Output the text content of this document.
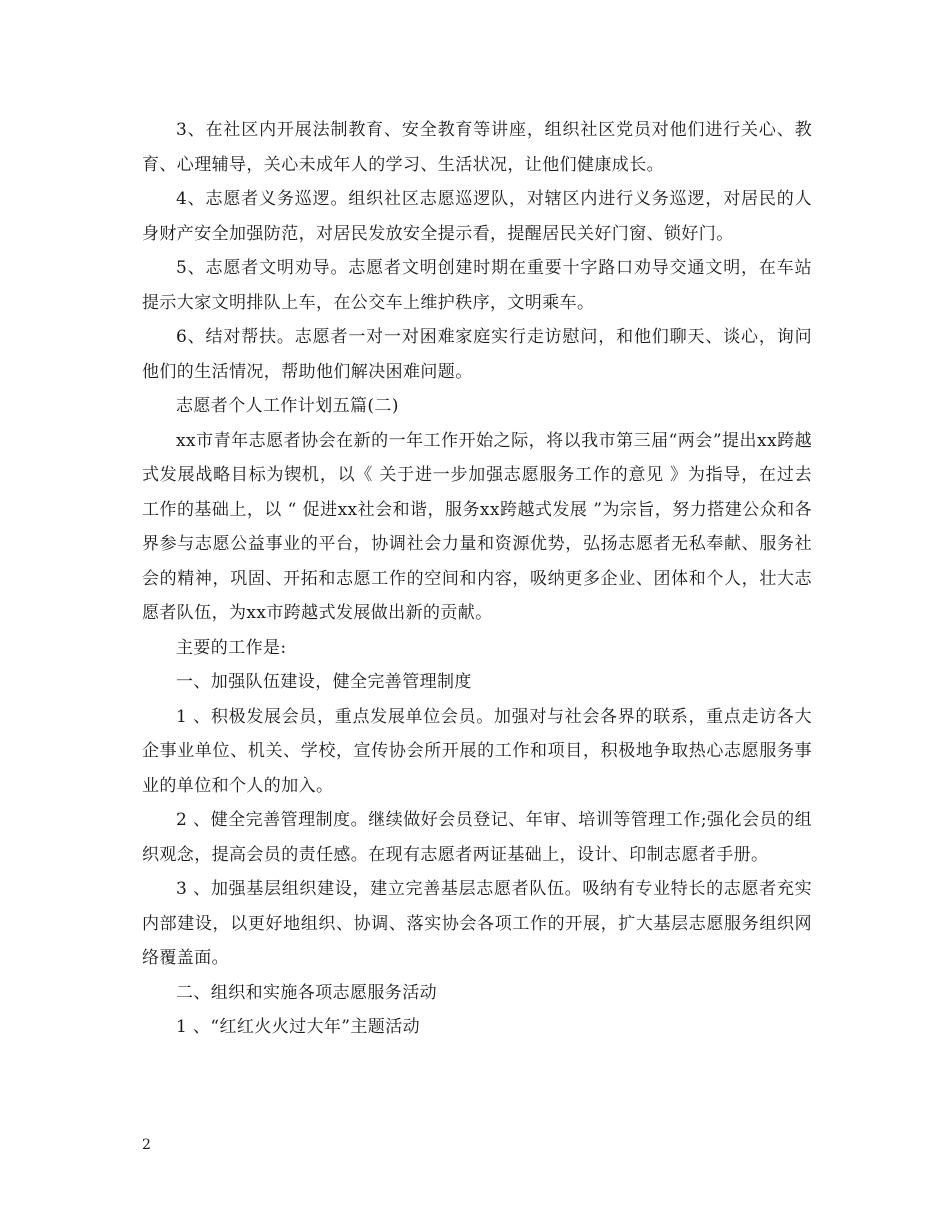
3、在社区内开展法制教育、安全教育等讲座，组织社区党员对他们进行关心、教育、心理辅导，关心未成年人的学习、生活状况，让他们健康成长。

4、志愿者义务巡逻。组织社区志愿巡逻队，对辖区内进行义务巡逻，对居民的人身财产安全加强防范，对居民发放安全提示看，提醒居民关好门窗、锁好门。

5、志愿者文明劝导。志愿者文明创建时期在重要十字路口劝导交通文明，在车站提示大家文明排队上车，在公交车上维护秩序，文明乘车。

6、结对帮扶。志愿者一对一对困难家庭实行走访慰问，和他们聊天、谈心，询问他们的生活情况，帮助他们解决困难问题。

志愿者个人工作计划五篇(二)

xx市青年志愿者协会在新的一年工作开始之际，将以我市第三届“两会”提出xx跨越式发展战略目标为锲机，以《 关于进一步加强志愿服务工作的意见 》为指导，在过去工作的基础上，以 “ 促进xx社会和谐，服务xx跨越式发展 ”为宗旨，努力搭建公众和各界参与志愿公益事业的平台，协调社会力量和资源优势，弘扬志愿者无私奉献、服务社会的精神，巩固、开拓和志愿工作的空间和内容，吸纳更多企业、团体和个人，壮大志愿者队伍，为xx市跨越式发展做出新的贡献。

主要的工作是:

一、加强队伍建设，健全完善管理制度

1 、积极发展会员，重点发展单位会员。加强对与社会各界的联系，重点走访各大企事业单位、机关、学校，宣传协会所开展的工作和项目，积极地争取热心志愿服务事业的单位和个人的加入。

2 、健全完善管理制度。继续做好会员登记、年审、培训等管理工作;强化会员的组织观念，提高会员的责任感。在现有志愿者两证基础上，设计、印制志愿者手册。

3 、加强基层组织建设，建立完善基层志愿者队伍。吸纳有专业特长的志愿者充实内部建设，以更好地组织、协调、落实协会各项工作的开展，扩大基层志愿服务组织网络覆盖面。

二、组织和实施各项志愿服务活动

1 、“红红火火过大年”主题活动

2
